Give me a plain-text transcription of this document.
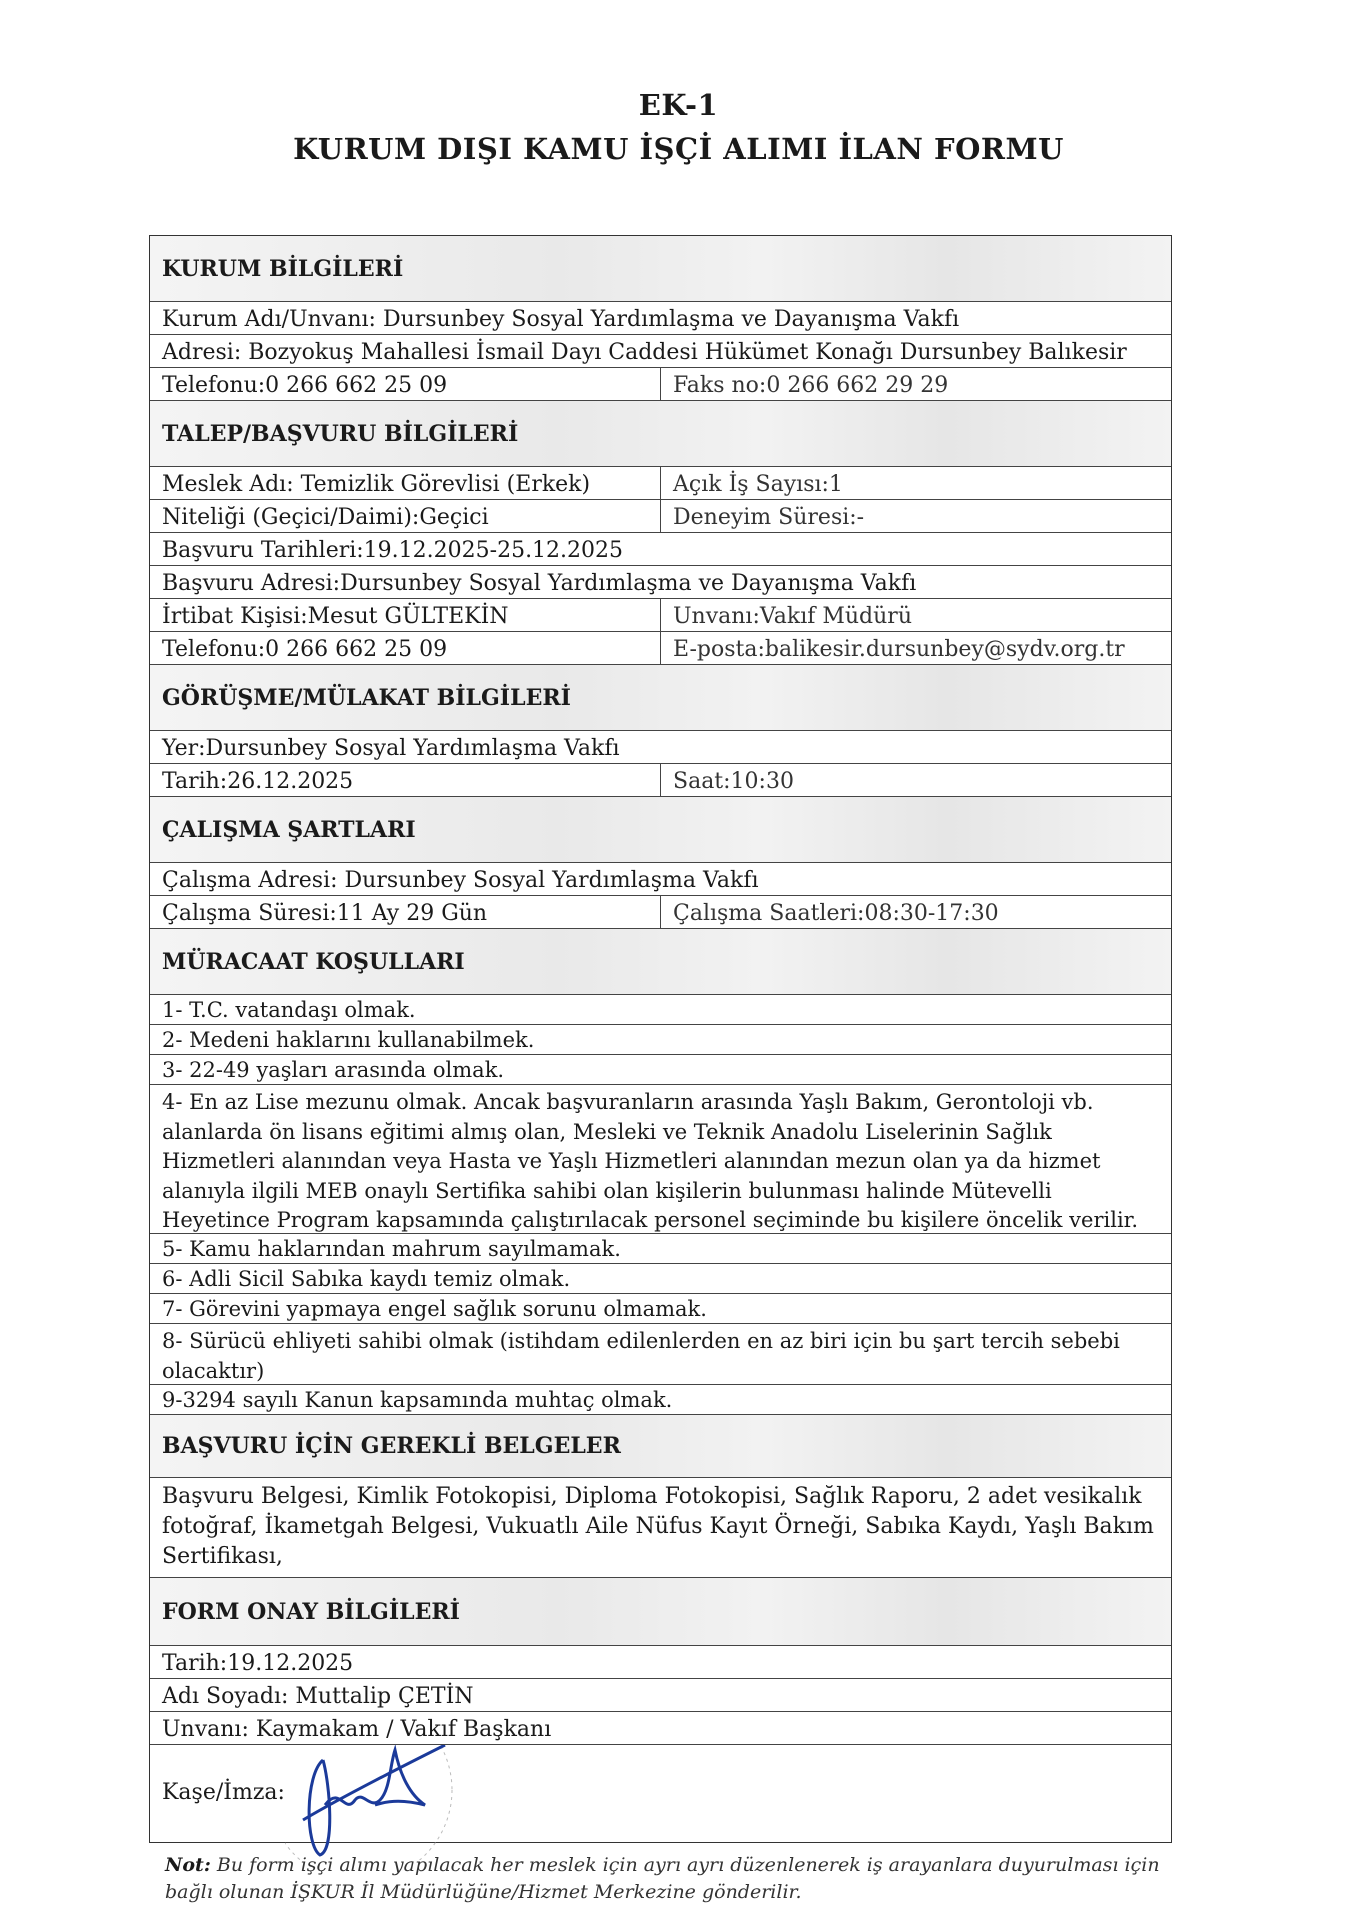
EK-1
KURUM DIŞI KAMU İŞÇİ ALIMI İLAN FORMU
KURUM BİLGİLERİ
Kurum Adı/Unvanı: Dursunbey Sosyal Yardımlaşma ve Dayanışma Vakfı
Adresi: Bozyokuş Mahallesi İsmail Dayı Caddesi Hükümet Konağı Dursunbey Balıkesir
Telefonu:0 266 662 25 09	Faks no:0 266 662 29 29
TALEP/BAŞVURU BİLGİLERİ
Meslek Adı: Temizlik Görevlisi (Erkek)	Açık İş Sayısı:1
Niteliği (Geçici/Daimi):Geçici	Deneyim Süresi:-
Başvuru Tarihleri:19.12.2025-25.12.2025
Başvuru Adresi:Dursunbey Sosyal Yardımlaşma ve Dayanışma Vakfı
İrtibat Kişisi:Mesut GÜLTEKİN	Unvanı:Vakıf Müdürü
Telefonu:0 266 662 25 09	E-posta:balikesir.dursunbey@sydv.org.tr
GÖRÜŞME/MÜLAKAT BİLGİLERİ
Yer:Dursunbey Sosyal Yardımlaşma Vakfı
Tarih:26.12.2025	Saat:10:30
ÇALIŞMA ŞARTLARI
Çalışma Adresi: Dursunbey Sosyal Yardımlaşma Vakfı
Çalışma Süresi:11 Ay 29 Gün	Çalışma Saatleri:08:30-17:30
MÜRACAAT KOŞULLARI
1- T.C. vatandaşı olmak.
2- Medeni haklarını kullanabilmek.
3- 22-49 yaşları arasında olmak.
4- En az Lise mezunu olmak. Ancak başvuranların arasında Yaşlı Bakım, Gerontoloji vb. alanlarda ön lisans eğitimi almış olan, Mesleki ve Teknik Anadolu Liselerinin Sağlık Hizmetleri alanından veya Hasta ve Yaşlı Hizmetleri alanından mezun olan ya da hizmet alanıyla ilgili MEB onaylı Sertifika sahibi olan kişilerin bulunması halinde Mütevelli Heyetince Program kapsamında çalıştırılacak personel seçiminde bu kişilere öncelik verilir.
5- Kamu haklarından mahrum sayılmamak.
6- Adli Sicil Sabıka kaydı temiz olmak.
7- Görevini yapmaya engel sağlık sorunu olmamak.
8- Sürücü ehliyeti sahibi olmak (istihdam edilenlerden en az biri için bu şart tercih sebebi olacaktır)
9-3294 sayılı Kanun kapsamında muhtaç olmak.
BAŞVURU İÇİN GEREKLİ BELGELER
Başvuru Belgesi, Kimlik Fotokopisi, Diploma Fotokopisi, Sağlık Raporu, 2 adet vesikalık fotoğraf, İkametgah Belgesi, Vukuatlı Aile Nüfus Kayıt Örneği, Sabıka Kaydı, Yaşlı Bakım Sertifikası,
FORM ONAY BİLGİLERİ
Tarih:19.12.2025
Adı Soyadı: Muttalip ÇETİN
Unvanı: Kaymakam / Vakıf Başkanı
Kaşe/İmza:
Not: Bu form işçi alımı yapılacak her meslek için ayrı ayrı düzenlenerek iş arayanlara duyurulması için bağlı olunan İŞKUR İl Müdürlüğüne/Hizmet Merkezine gönderilir.
